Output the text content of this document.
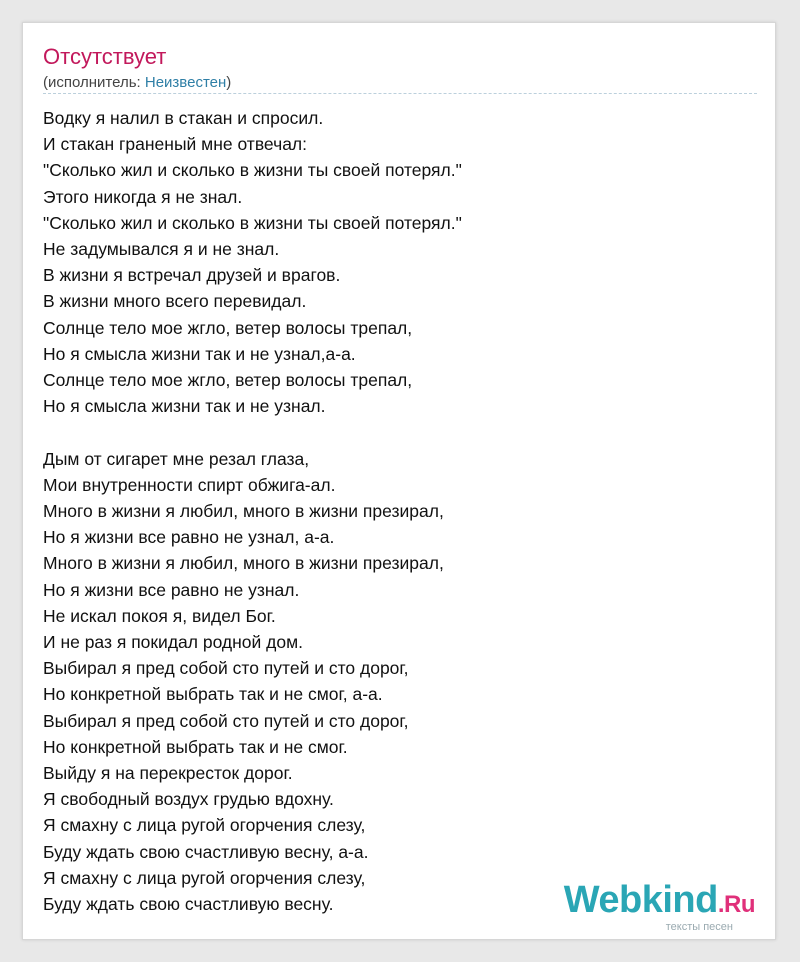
Отсутствует
(исполнитель: Неизвестен)
Водку я налил в стакан и спросил.
И стакан граненый мне отвечал:
"Сколько жил и сколько в жизни ты своей потерял."
Этого никогда я не знал.
"Сколько жил и сколько в жизни ты своей потерял."
Не задумывался я и не знал.
В жизни я встречал друзей и врагов.
В жизни много всего перевидал.
Солнце тело мое жгло, ветер волосы трепал,
Но я смысла жизни так и не узнал,а-а.
Солнце тело мое жгло, ветер волосы трепал,
Но я смысла жизни так и не узнал.
Дым от сигарет мне резал глаза,
Мои внутренности спирт обжига-ал.
Много в жизни я любил, много в жизни презирал,
Но я жизни все равно не узнал, а-а.
Много в жизни я любил, много в жизни презирал,
Но я жизни все равно не узнал.
Не искал покоя я, видел Бог.
И не раз я покидал родной дом.
Выбирал я пред собой сто путей и сто дорог,
Но конкретной выбрать так и не смог, а-а.
Выбирал я пред собой сто путей и сто дорог,
Но конкретной выбрать так и не смог.
Выйду я на перекресток дорог.
Я свободный воздух грудью вдохну.
Я смахну с лица ругой огорчения слезу,
Буду ждать свою счастливую весну, а-а.
Я смахну с лица ругой огорчения слезу,
Буду ждать свою счастливую весну.	Webkind.Ru
тексты песен
